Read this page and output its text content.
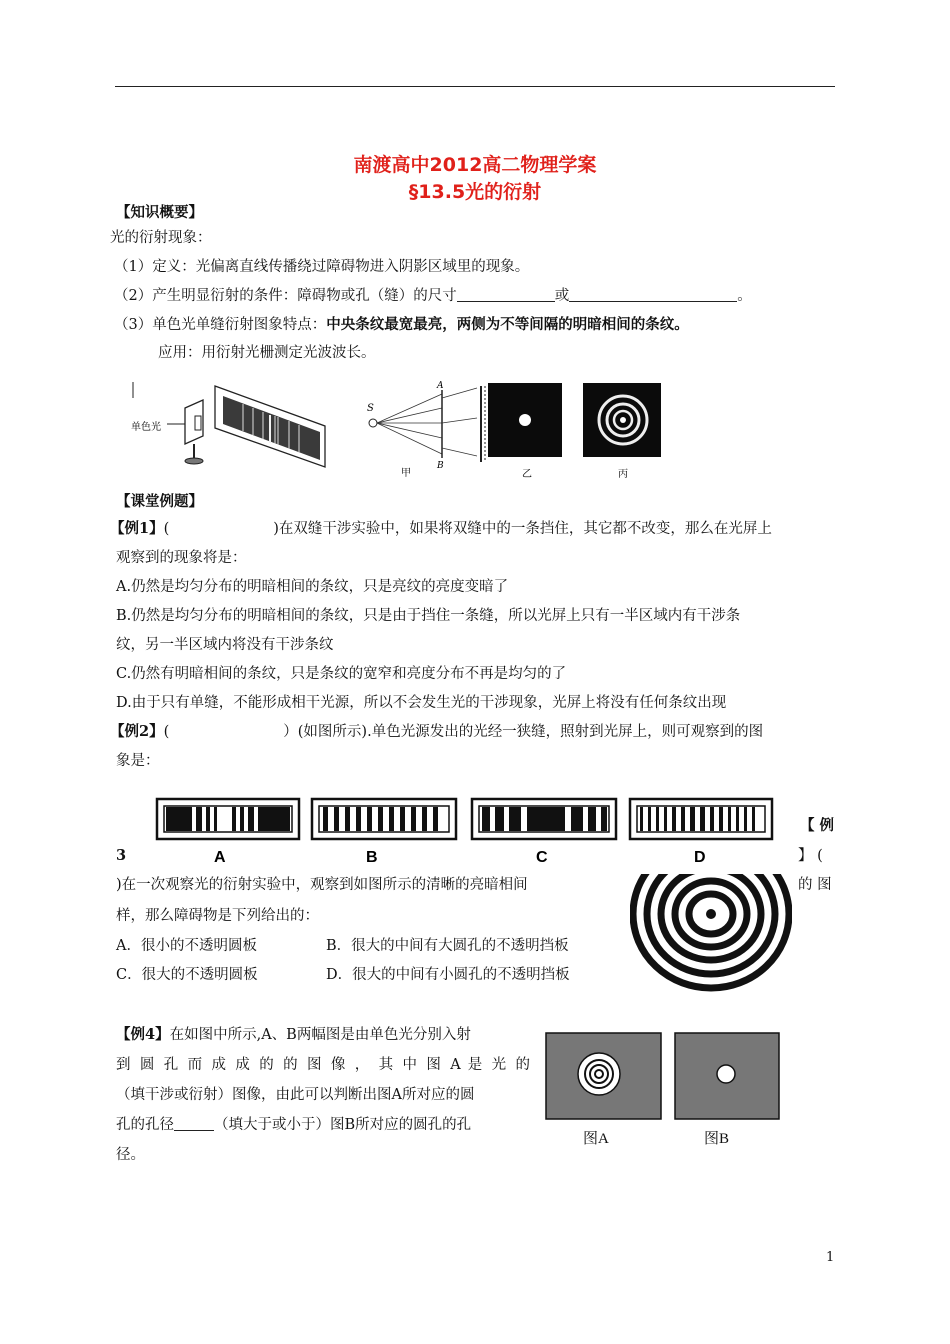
南渡高中2012高二物理学案
§13.5光的衍射
【知识概要】
光的衍射现象：
（1）定义：光偏离直线传播绕过障碍物进入阴影区域里的现象。
（2）产生明显衍射的条件：障碍物或孔（缝）的尺寸	或	。
（3）单色光单缝衍射图象特点：中央条纹最宽最亮，两侧为不等间隔的明暗相间的条纹。
应用：用衍射光栅测定光波波长。
单色光
S
A
B
甲	乙	丙
【课堂例题】
【例1】(	)在双缝干涉实验中，如果将双缝中的一条挡住，其它都不改变，那么在光屏上
观察到的现象将是：
A.仍然是均匀分布的明暗相间的条纹，只是亮纹的亮度变暗了
B.仍然是均匀分布的明暗相间的条纹，只是由于挡住一条缝，所以光屏上只有一半区域内有干涉条
纹，另一半区域内将没有干涉条纹
C.仍然有明暗相间的条纹，只是条纹的宽窄和亮度分布不再是均匀的了
D.由于只有单缝，不能形成相干光源，所以不会发生光的干涉现象，光屏上将没有任何条纹出现
【例2】(	）(如图所示).单色光源发出的光经一狭缝，照射到光屏上，则可观察到的图
象是：
A	B	C	D
【 例
3	】 (
)在一次观察光的衍射实验中，观察到如图所示的清晰的亮暗相间	的 图
样，那么障碍物是下列给出的：
A．很小的不透明圆板	B．很大的中间有大圆孔的不透明挡板
C．很大的不透明圆板	D．很大的中间有小圆孔的不透明挡板
【例4】在如图中所示,A、B两幅图是由单色光分别入射
到 圆 孔 而 成 成 的 的 图 像 ， 其 中 图 A 是 光 的
（填干涉或衍射）图像，由此可以判断出图A所对应的圆
孔的孔径	（填大于或小于）图B所对应的圆孔的孔
径。
图A	图B
1
